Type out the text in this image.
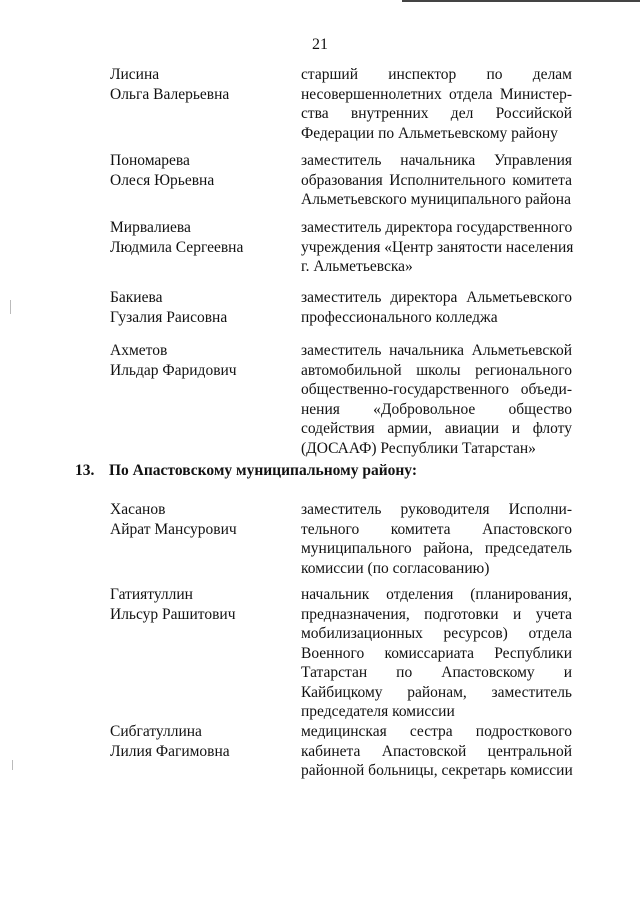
21
Лисина
Ольга Валерьевна
старший инспектор по делам
несовершеннолетних отдела Министер-
ства внутренних дел Российской
Федерации по Альметьевскому району
Пономарева
Олеся Юрьевна
заместитель начальника Управления
образования Исполнительного комитета
Альметьевского муниципального района
Мирвалиева
Людмила Сергеевна
заместитель директора государственного
учреждения «Центр занятости населения
г. Альметьевска»
Бакиева
Гузалия Раисовна
заместитель директора Альметьевского
профессионального колледжа
Ахметов
Ильдар Фаридович
заместитель начальника Альметьевской
автомобильной школы регионального
общественно-государственного объеди-
нения «Добровольное общество
содействия армии, авиации и флоту
(ДОСААФ) Республики Татарстан»
13. По Апастовскому муниципальному району:
Хасанов
Айрат Мансурович
заместитель руководителя Исполни-
тельного комитета Апастовского
муниципального района, председатель
комиссии (по согласованию)
Гатиятуллин
Ильсур Рашитович
начальник отделения (планирования,
предназначения, подготовки и учета
мобилизационных ресурсов) отдела
Военного комиссариата Республики
Татарстан по Апастовскому и
Кайбицкому районам, заместитель
председателя комиссии
Сибгатуллина
Лилия Фагимовна
медицинская сестра подросткового
кабинета Апастовской центральной
районной больницы, секретарь комиссии
